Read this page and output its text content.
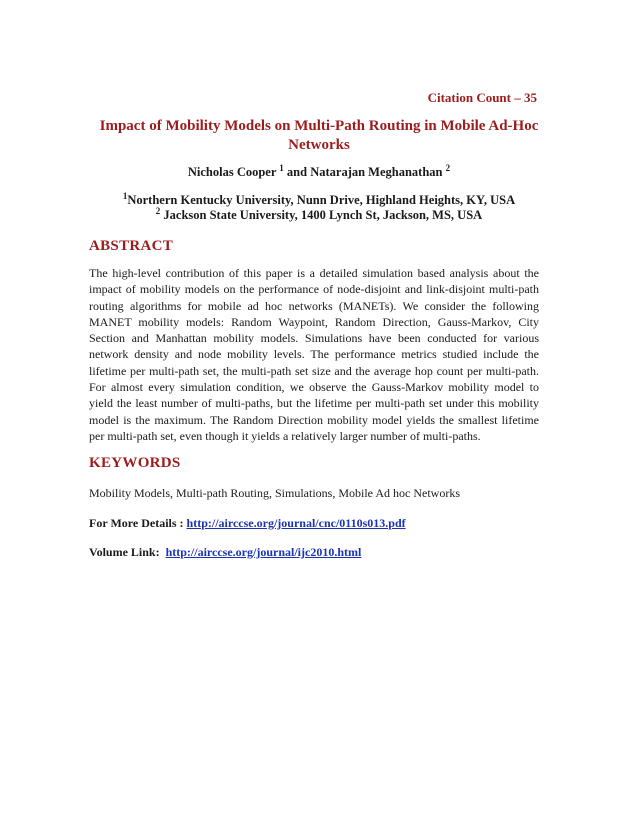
Citation Count – 35
Impact of Mobility Models on Multi-Path Routing in Mobile Ad-Hoc Networks
Nicholas Cooper $^1$ and Natarajan Meghanathan $^2$
$^1$Northern Kentucky University, Nunn Drive, Highland Heights, KY, USA
$^2$ Jackson State University, 1400 Lynch St, Jackson, MS, USA
ABSTRACT

The high-level contribution of this paper is a detailed simulation based analysis about the impact of mobility models on the performance of node-disjoint and link-disjoint multi-path routing algorithms for mobile ad hoc networks (MANETs). We consider the following MANET mobility models: Random Waypoint, Random Direction, Gauss-Markov, City Section and Manhattan mobility models. Simulations have been conducted for various network density and node mobility levels. The performance metrics studied include the lifetime per multi-path set, the multi-path set size and the average hop count per multi-path. For almost every simulation condition, we observe the Gauss-Markov mobility model to yield the least number of multi-paths, but the lifetime per multi-path set under this mobility model is the maximum. The Random Direction mobility model yields the smallest lifetime per multi-path set, even though it yields a relatively larger number of multi-paths.

KEYWORDS
Mobility Models, Multi-path Routing, Simulations, Mobile Ad hoc Networks
For More Details : http://airccse.org/journal/cnc/0110s013.pdf
Volume Link: http://airccse.org/journal/ijc2010.html
